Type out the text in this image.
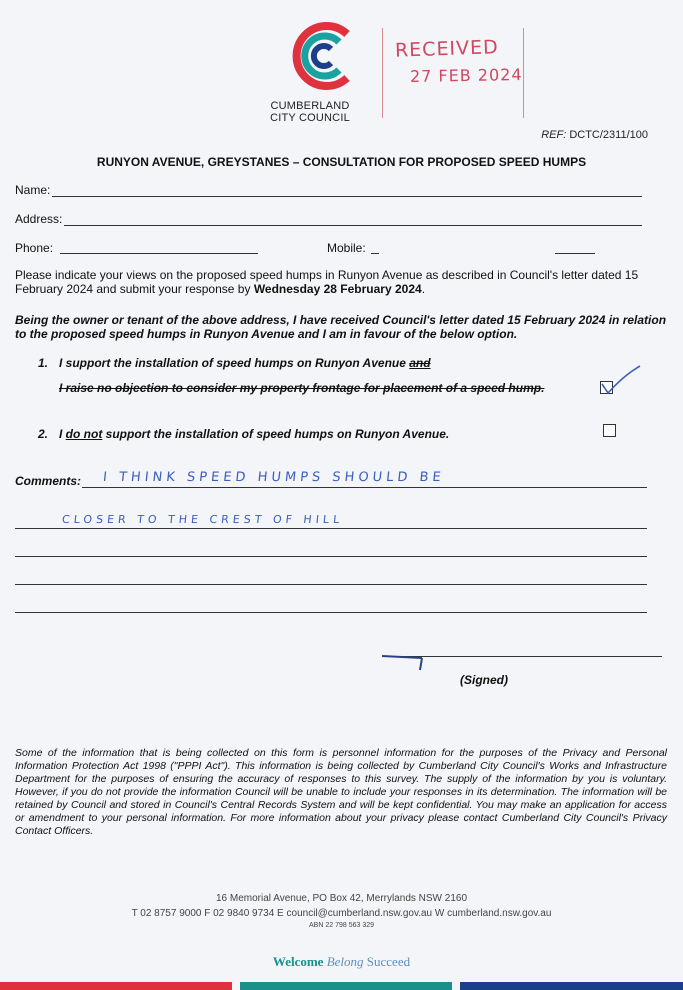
CUMBERLAND
CITY COUNCIL
RECEIVED
27 FEB 2024
REF: DCTC/2311/100
RUNYON AVENUE, GREYSTANES – CONSULTATION FOR PROPOSED SPEED HUMPS
Name:
Address:
Phone:	Mobile:
Please indicate your views on the proposed speed humps in Runyon Avenue as described in Council's letter dated 15 February 2024 and submit your response by Wednesday 28 February 2024.
Being the owner or tenant of the above address, I have received Council's letter dated 15 February 2024 in relation to the proposed speed humps in Runyon Avenue and I am in favour of the below option.
1. I support the installation of speed humps on Runyon Avenue and
I raise no objection to consider my property frontage for placement of a speed hump.
2. I do not support the installation of speed humps on Runyon Avenue.
Comments: I THINK SPEED HUMPS SHOULD BE
CLOSER TO THE CREST OF HILL
(Signed)
Some of the information that is being collected on this form is personnel information for the purposes of the Privacy and Personal Information Protection Act 1998 ("PPPI Act"). This information is being collected by Cumberland City Council's Works and Infrastructure Department for the purposes of ensuring the accuracy of responses to this survey. The supply of the information by you is voluntary. However, if you do not provide the information Council will be unable to include your responses in its determination. The information will be retained by Council and stored in Council's Central Records System and will be kept confidential. You may make an application for access or amendment to your personal information. For more information about your privacy please contact Cumberland City Council's Privacy Contact Officers.
16 Memorial Avenue, PO Box 42, Merrylands NSW 2160
T 02 8757 9000 F 02 9840 9734 E council@cumberland.nsw.gov.au W cumberland.nsw.gov.au
ABN 22 798 563 329
Welcome Belong Succeed
